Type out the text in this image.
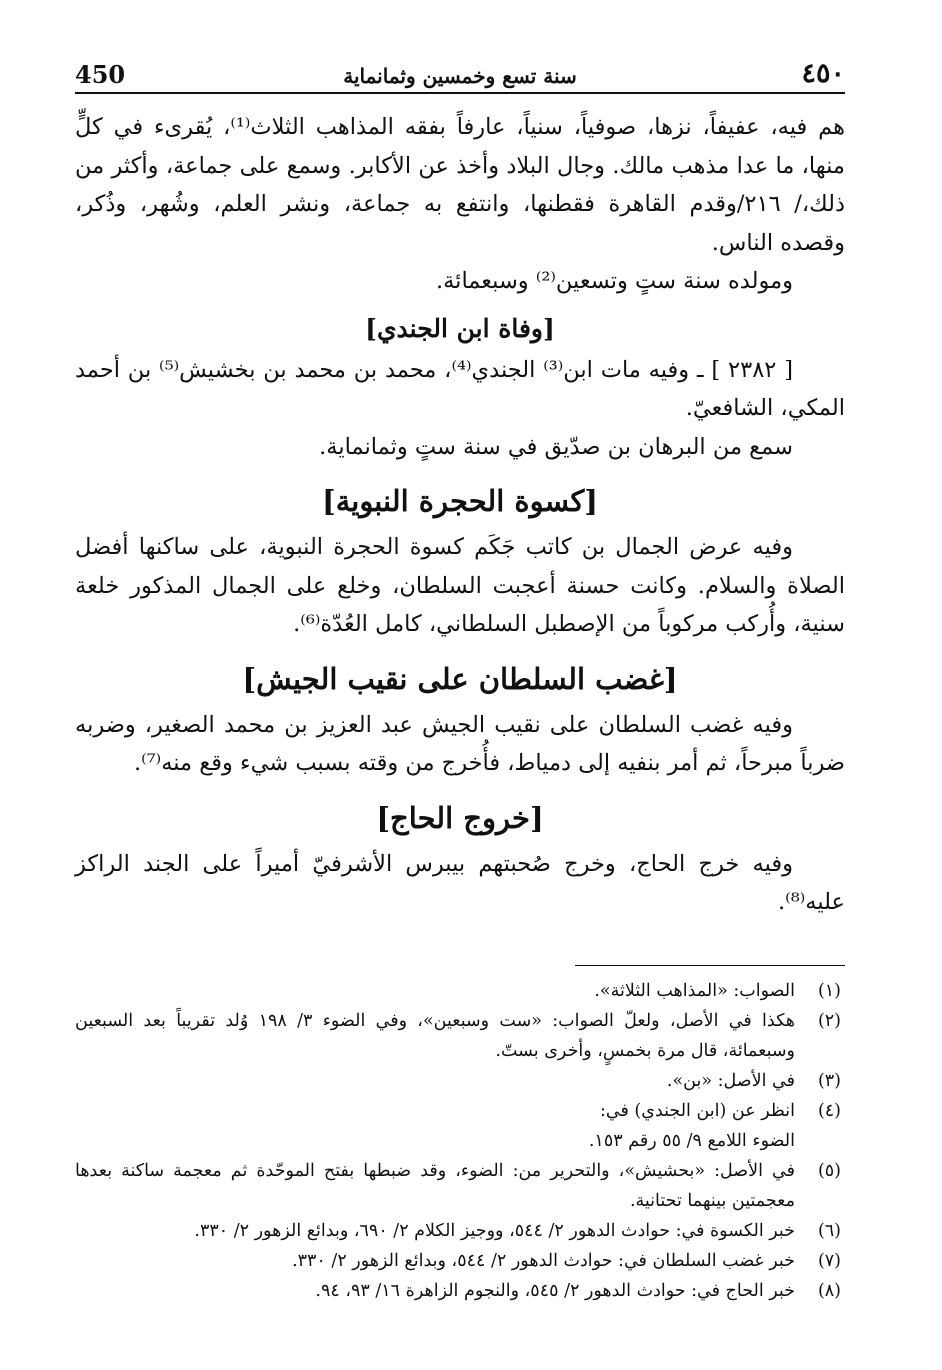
٤٥٠
سنة تسع وخمسين وثمانماية
450

هم فيه، عفيفاً، نزها، صوفياً، سنياً، عارفاً بفقه المذاهب الثلاث⁽¹⁾، يُقرىء في كلٍّ منها، ما عدا مذهب مالك. وجال البلاد وأخذ عن الأكابر. وسمع على جماعة، وأكثر من ذلك،/ ٢١٦/وقدم القاهرة فقطنها، وانتفع به جماعة، ونشر العلم، وشُهر، وذُكر، وقصده الناس.

ومولده سنة ستٍ وتسعين⁽²⁾ وسبعمائة.

[وفاة ابن الجندي]

[ ٢٣٨٢ ] ـ وفيه مات ابن⁽³⁾ الجندي⁽⁴⁾، محمد بن محمد بن بخشيش⁽⁵⁾ بن أحمد المكي، الشافعيّ.

سمع من البرهان بن صدّيق في سنة ستٍ وثمانماية.

[كسوة الحجرة النبوية]

وفيه عرض الجمال بن كاتب جَكَم كسوة الحجرة النبوية، على ساكنها أفضل الصلاة والسلام. وكانت حسنة أعجبت السلطان، وخلع على الجمال المذكور خلعة سنية، وأُركب مركوباً من الإصطبل السلطاني، كامل العُدّة⁽⁶⁾.

[غضب السلطان على نقيب الجيش]

وفيه غضب السلطان على نقيب الجيش عبد العزيز بن محمد الصغير، وضربه ضرباً مبرحاً، ثم أمر بنفيه إلى دمياط، فأُخرج من وقته بسبب شيء وقع منه⁽⁷⁾.

[خروج الحاج]

وفيه خرج الحاج، وخرج صُحبتهم بيبرس الأشرفيّ أميراً على الجند الراكز عليه⁽⁸⁾.

(١)
الصواب: «المذاهب الثلاثة».
(٢)
هكذا في الأصل، ولعلّ الصواب: «ست وسبعين»، وفي الضوء ٣/ ١٩٨ وُلد تقريباً بعد السبعين وسبعمائة، قال مرة بخمسٍ، وأخرى بستّ.
(٣)
في الأصل: «بن».
(٤)
انظر عن (ابن الجندي) في:
الضوء اللامع ٩/ ٥٥ رقم ١٥٣.
(٥)
في الأصل: «بحشيش»، والتحرير من: الضوء، وقد ضبطها بفتح الموحّدة ثم معجمة ساكنة بعدها معجمتين بينهما تحتانية.
(٦)
خبر الكسوة في: حوادث الدهور ٢/ ٥٤٤، ووجيز الكلام ٢/ ٦٩٠، وبدائع الزهور ٢/ ٣٣٠.
(٧)
خبر غضب السلطان في: حوادث الدهور ٢/ ٥٤٤، وبدائع الزهور ٢/ ٣٣٠.
(٨)
خبر الحاج في: حوادث الدهور ٢/ ٥٤٥، والنجوم الزاهرة ١٦/ ٩٣، ٩٤.
